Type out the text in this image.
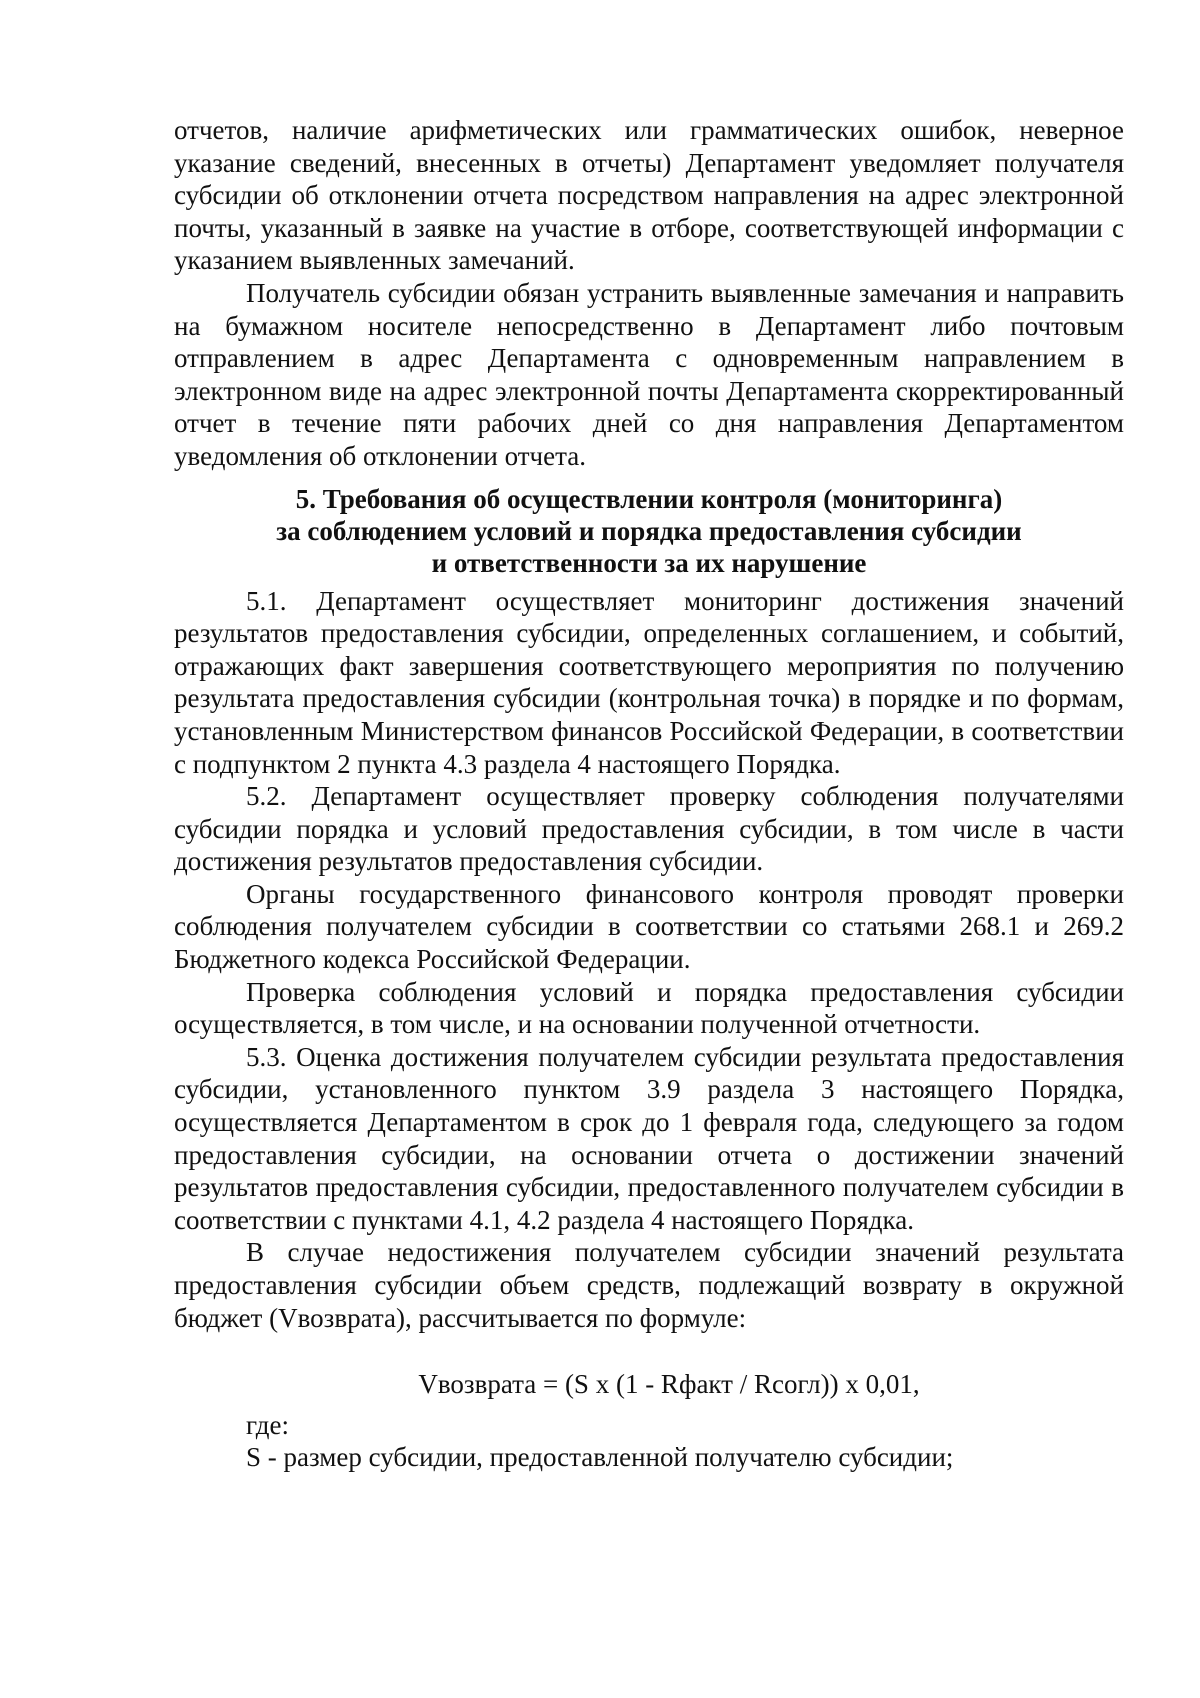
отчетов, наличие арифметических или грамматических ошибок, неверное указание сведений, внесенных в отчеты) Департамент уведомляет получателя субсидии об отклонении отчета посредством направления на адрес электронной почты, указанный в заявке на участие в отборе, соответствующей информации с указанием выявленных замечаний.

Получатель субсидии обязан устранить выявленные замечания и направить на бумажном носителе непосредственно в Департамент либо почтовым отправлением в адрес Департамента с одновременным направлением в электронном виде на адрес электронной почты Департамента скорректированный отчет в течение пяти рабочих дней со дня направления Департаментом уведомления об отклонении отчета.

5. Требования об осуществлении контроля (мониторинга)
за соблюдением условий и порядка предоставления субсидии
и ответственности за их нарушение

5.1. Департамент осуществляет мониторинг достижения значений результатов предоставления субсидии, определенных соглашением, и событий, отражающих факт завершения соответствующего мероприятия по получению результата предоставления субсидии (контрольная точка) в порядке и по формам, установленным Министерством финансов Российской Федерации, в соответствии с подпунктом 2 пункта 4.3 раздела 4 настоящего Порядка.

5.2. Департамент осуществляет проверку соблюдения получателями субсидии порядка и условий предоставления субсидии, в том числе в части достижения результатов предоставления субсидии.

Органы государственного финансового контроля проводят проверки соблюдения получателем субсидии в соответствии со статьями 268.1 и 269.2 Бюджетного кодекса Российской Федерации.

Проверка соблюдения условий и порядка предоставления субсидии осуществляется, в том числе, и на основании полученной отчетности.

5.3. Оценка достижения получателем субсидии результата предоставления субсидии, установленного пунктом 3.9 раздела 3 настоящего Порядка, осуществляется Департаментом в срок до 1 февраля года, следующего за годом предоставления субсидии, на основании отчета о достижении значений результатов предоставления субсидии, предоставленного получателем субсидии в соответствии с пунктами 4.1, 4.2 раздела 4 настоящего Порядка.

В случае недостижения получателем субсидии значений результата предоставления субсидии объем средств, подлежащий возврату в окружной бюджет (Vвозврата), рассчитывается по формуле:

Vвозврата = (S x (1 - Rфакт / Rсогл)) x 0,01,
где:
S - размер субсидии, предоставленной получателю субсидии;
